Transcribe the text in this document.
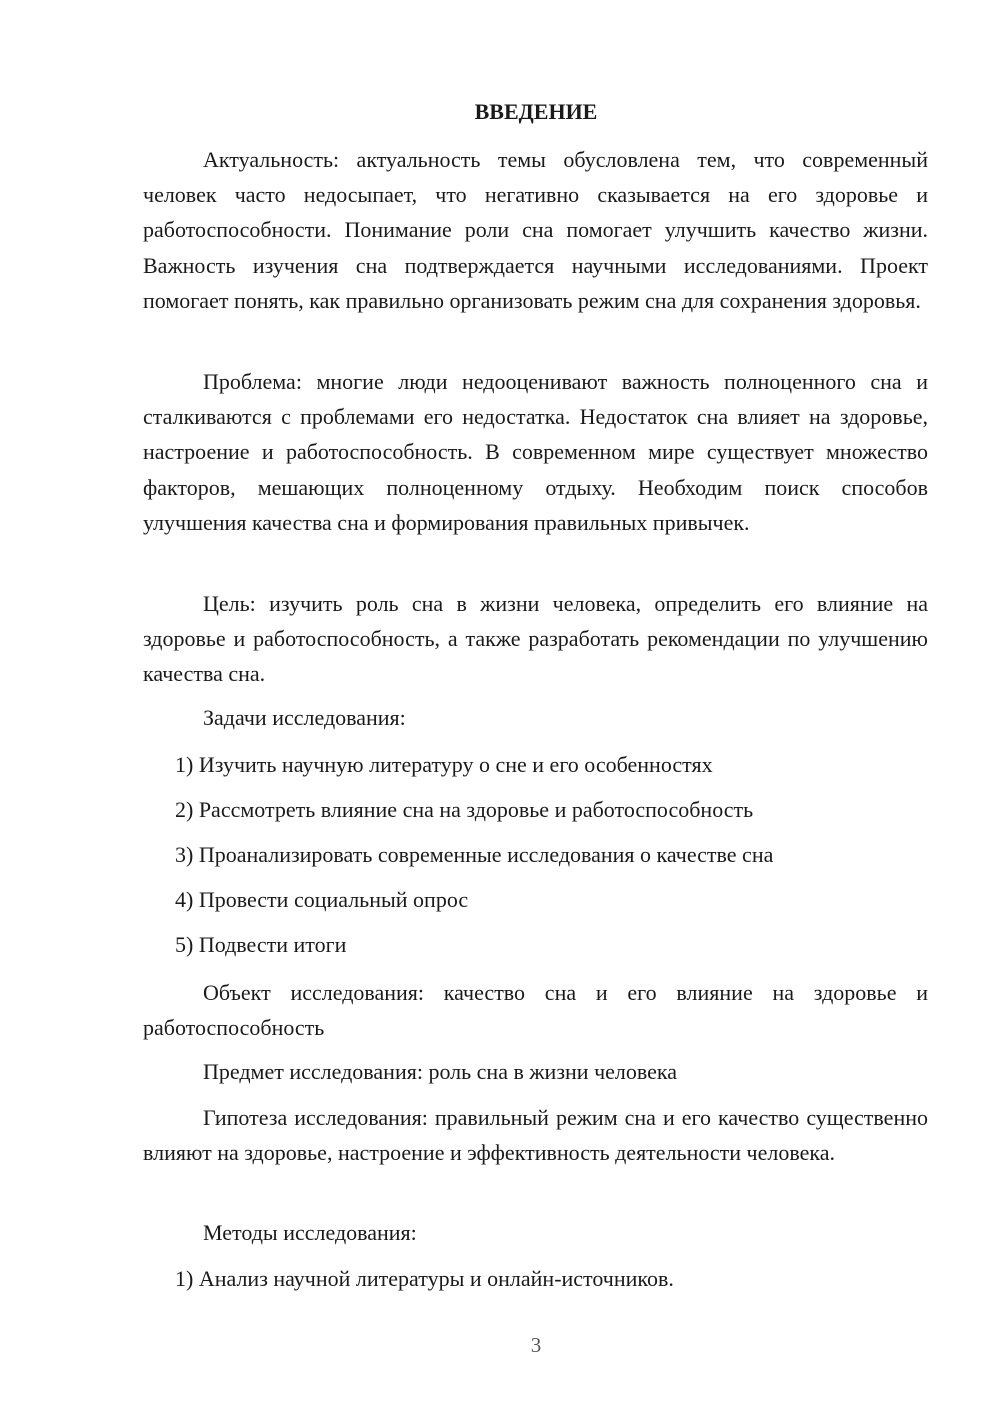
ВВЕДЕНИЕ

Актуальность: актуальность темы обусловлена тем, что современный человек часто недосыпает, что негативно сказывается на его здоровье и работоспособности. Понимание роли сна помогает улучшить качество жизни. Важность изучения сна подтверждается научными исследованиями. Проект помогает понять, как правильно организовать режим сна для сохранения здоровья.

Проблема: многие люди недооценивают важность полноценного сна и сталкиваются с проблемами его недостатка. Недостаток сна влияет на здоровье, настроение и работоспособность. В современном мире существует множество факторов, мешающих полноценному отдыху. Необходим поиск способов улучшения качества сна и формирования правильных привычек.

Цель: изучить роль сна в жизни человека, определить его влияние на здоровье и работоспособность, а также разработать рекомендации по улучшению качества сна.

Задачи исследования:

1) Изучить научную литературу о сне и его особенностях

2) Рассмотреть влияние сна на здоровье и работоспособность

3) Проанализировать современные исследования о качестве сна

4) Провести социальный опрос

5) Подвести итоги

Объект исследования: качество сна и его влияние на здоровье и работоспособность

Предмет исследования: роль сна в жизни человека

Гипотеза исследования: правильный режим сна и его качество существенно влияют на здоровье, настроение и эффективность деятельности человека.

Методы исследования:

1) Анализ научной литературы и онлайн-источников.

3
